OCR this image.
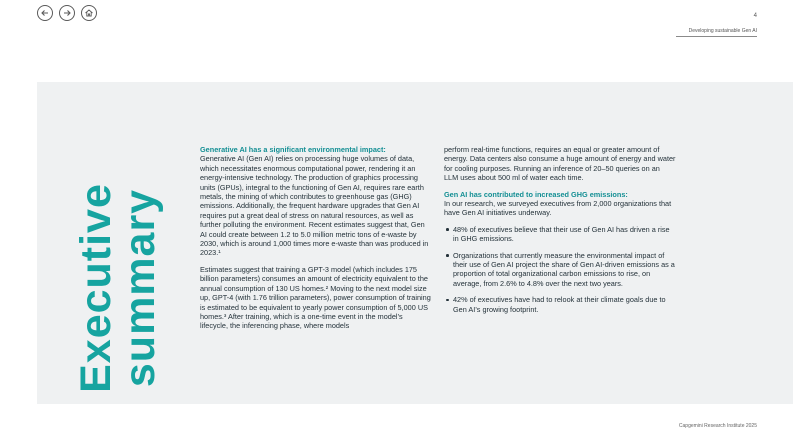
4
Developing sustainable Gen AI
Executive
summary

Generative AI has a significant environmental impact:
Generative AI (Gen AI) relies on processing huge volumes of data, which necessitates enormous computational power, rendering it an energy-intensive technology. The production of graphics processing units (GPUs), integral to the functioning of Gen AI, requires rare earth metals, the mining of which contributes to greenhouse gas (GHG) emissions. Additionally, the frequent hardware upgrades that Gen AI requires put a great deal of stress on natural resources, as well as further polluting the environment. Recent estimates suggest that, Gen AI could create between 1.2 to 5.0 million metric tons of e-waste by 2030, which is around 1,000 times more e-waste than was produced in 2023.¹

Estimates suggest that training a GPT-3 model (which includes 175 billion parameters) consumes an amount of electricity equivalent to the annual consumption of 130 US homes.² Moving to the next model size up, GPT-4 (with 1.76 trillion parameters), power consumption of training is estimated to be equivalent to yearly power consumption of 5,000 US homes.³ After training, which is a one-time event in the model’s lifecycle, the inferencing phase, where models

perform real-time functions, requires an equal or greater amount of energy. Data centers also consume a huge amount of energy and water for cooling purposes. Running an inference of 20–50 queries on an LLM uses about 500 ml of water each time.

Gen AI has contributed to increased GHG emissions:
In our research, we surveyed executives from 2,000 organizations that have Gen AI initiatives underway.

48% of executives believe that their use of Gen AI has driven a rise in GHG emissions.
Organizations that currently measure the environmental impact of their use of Gen AI project the share of Gen AI-driven emissions as a proportion of total organizational carbon emissions to rise, on average, from 2.6% to 4.8% over the next two years.
42% of executives have had to relook at their climate goals due to Gen AI’s growing footprint.
Capgemini Research Institute 2025
